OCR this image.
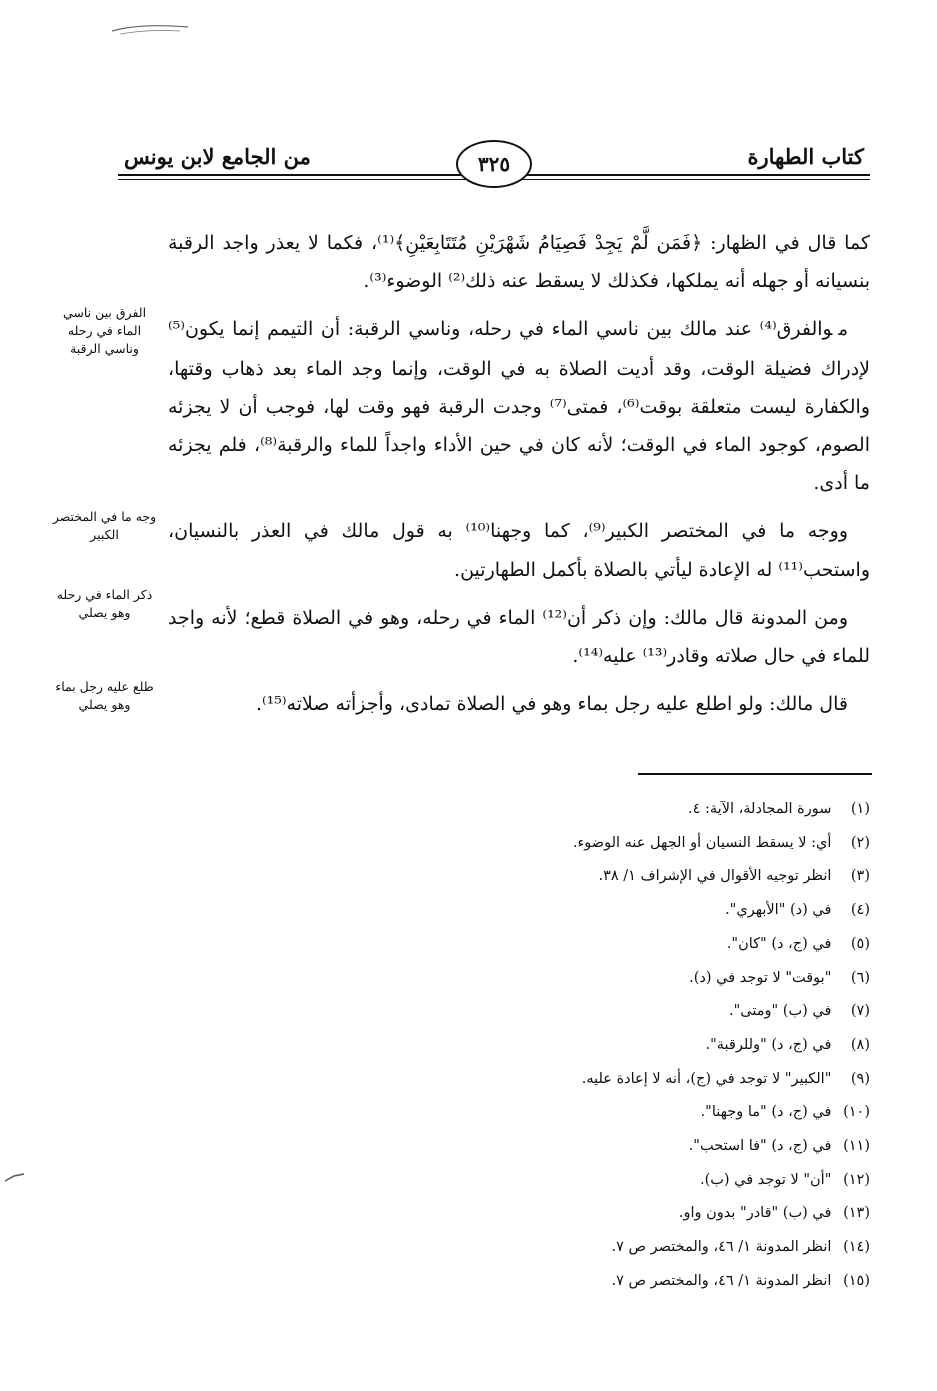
كتاب الطهارة
٣٢٥
من الجامع لابن يونس

كما قال في الظهار: ﴿فَمَن لَّمْ يَجِدْ فَصِيَامُ شَهْرَيْنِ مُتَتَابِعَيْنِ﴾⁽¹⁾، فكما لا يعذر واجد الرقبة بنسيانه أو جهله أنه يملكها، فكذلك لا يسقط عنه ذلك⁽²⁾ الوضوء⁽³⁾.

موالفرق⁽⁴⁾ عند مالك بين ناسي الماء في رحله، وناسي الرقبة: أن التيمم إنما يكون⁽⁵⁾ لإدراك فضيلة الوقت، وقد أديت الصلاة به في الوقت، وإنما وجد الماء بعد ذهاب وقتها، والكفارة ليست متعلقة بوقت⁽⁶⁾، فمتى⁽⁷⁾ وجدت الرقبة فهو وقت لها، فوجب أن لا يجزئه الصوم، كوجود الماء في الوقت؛ لأنه كان في حين الأداء واجداً للماء والرقبة⁽⁸⁾، فلم يجزئه ما أدى.

ووجه ما في المختصر الكبير⁽⁹⁾، كما وجهنا⁽¹⁰⁾ به قول مالك في العذر بالنسيان، واستحب⁽¹¹⁾ له الإعادة ليأتي بالصلاة بأكمل الطهارتين.

ومن المدونة قال مالك: وإن ذكر أن⁽¹²⁾ الماء في رحله، وهو في الصلاة قطع؛ لأنه واجد للماء في حال صلاته وقادر⁽¹³⁾ عليه⁽¹⁴⁾.

قال مالك: ولو اطلع عليه رجل بماء وهو في الصلاة تمادى، وأجزأته صلاته⁽¹⁵⁾.

الفرق بين ناسي الماء في رحله وناسي الرقبة
وجه ما في المختصر الكبير
ذكر الماء في رحله وهو يصلي
طلع عليه رجل بماء وهو يصلي
(١) سورة المجادلة، الآية: ٤.
(٢) أي: لا يسقط النسيان أو الجهل عنه الوضوء.
(٣) انظر توجيه الأقوال في الإشراف ١/ ٣٨.
(٤) في (د) "الأبهري".
(٥) في (ج، د) "كان".
(٦) "بوقت" لا توجد في (د).
(٧) في (ب) "ومتى".
(٨) في (ج، د) "وللرقبة".
(٩) "الكبير" لا توجد في (ج)، أنه لا إعادة عليه.
(١٠) في (ج، د) "ما وجهنا".
(١١) في (ج، د) "فا استحب".
(١٢) "أن" لا توجد في (ب).
(١٣) في (ب) "قادر" بدون واو.
(١٤) انظر المدونة ١/ ٤٦، والمختصر ص ٧.
(١٥) انظر المدونة ١/ ٤٦، والمختصر ص ٧.
